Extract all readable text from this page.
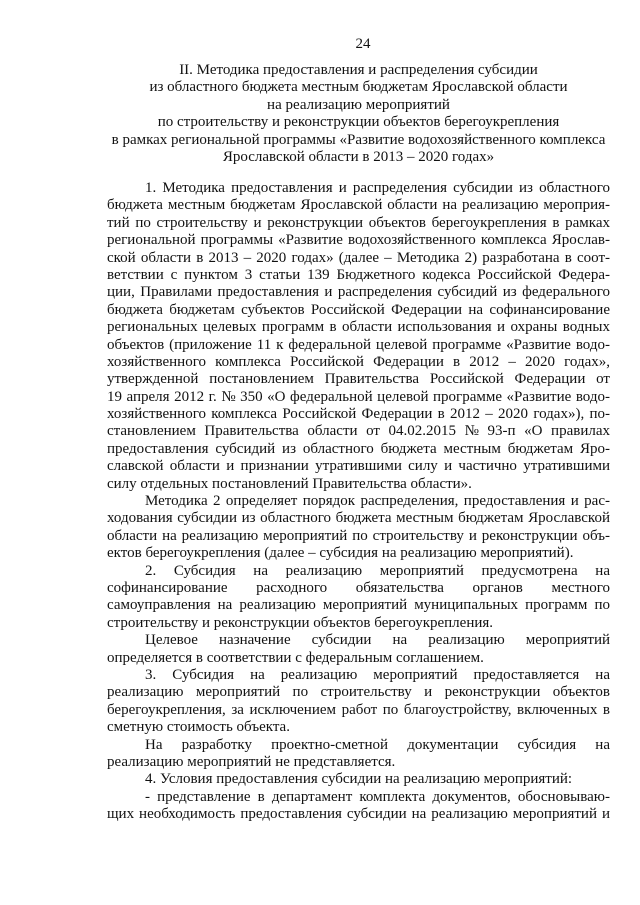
24
II. Методика предоставления и распределения субсидии
из областного бюджета местным бюджетам Ярославской области
на реализацию мероприятий
по строительству и реконструкции объектов берегоукрепления
в рамках региональной программы «Развитие водохозяйственного комплекса
Ярославской области в 2013 – 2020 годах»
1. Методика предоставления и распределения субсидии из областного
бюджета местным бюджетам Ярославской области на реализацию мероприя-
тий по строительству и реконструкции объектов берегоукрепления в рамках
региональной программы «Развитие водохозяйственного комплекса Ярослав-
ской области в 2013 – 2020 годах» (далее – Методика 2) разработана в соот-
ветствии с пунктом 3 статьи 139 Бюджетного кодекса Российской Федера-
ции, Правилами предоставления и распределения субсидий из федерального
бюджета бюджетам субъектов Российской Федерации на софинансирование
региональных целевых программ в области использования и охраны водных
объектов (приложение 11 к федеральной целевой программе «Развитие водо-
хозяйственного комплекса Российской Федерации в 2012 – 2020 годах»,
утвержденной постановлением Правительства Российской Федерации от
19 апреля 2012 г. № 350 «О федеральной целевой программе «Развитие водо-
хозяйственного комплекса Российской Федерации в 2012 – 2020 годах»), по-
становлением Правительства области от 04.02.2015 № 93-п «О правилах
предоставления субсидий из областного бюджета местным бюджетам Яро-
славской области и признании утратившими силу и частично утратившими
силу отдельных постановлений Правительства области».
Методика 2 определяет порядок распределения, предоставления и рас-
ходования субсидии из областного бюджета местным бюджетам Ярославской
области на реализацию мероприятий по строительству и реконструкции объ-
ектов берегоукрепления (далее – субсидия на реализацию мероприятий).
2. Субсидия на реализацию мероприятий предусмотрена на
софинансирование расходного обязательства органов местного
самоуправления на реализацию мероприятий муниципальных программ по
строительству и реконструкции объектов берегоукрепления.
Целевое назначение субсидии на реализацию мероприятий
определяется в соответствии с федеральным соглашением.
3. Субсидия на реализацию мероприятий предоставляется на
реализацию мероприятий по строительству и реконструкции объектов
берегоукрепления, за исключением работ по благоустройству, включенных в
сметную стоимость объекта.
На разработку проектно-сметной документации субсидия на
реализацию мероприятий не представляется.
4. Условия предоставления субсидии на реализацию мероприятий:
- представление в департамент комплекта документов, обосновываю-
щих необходимость предоставления субсидии на реализацию мероприятий и
